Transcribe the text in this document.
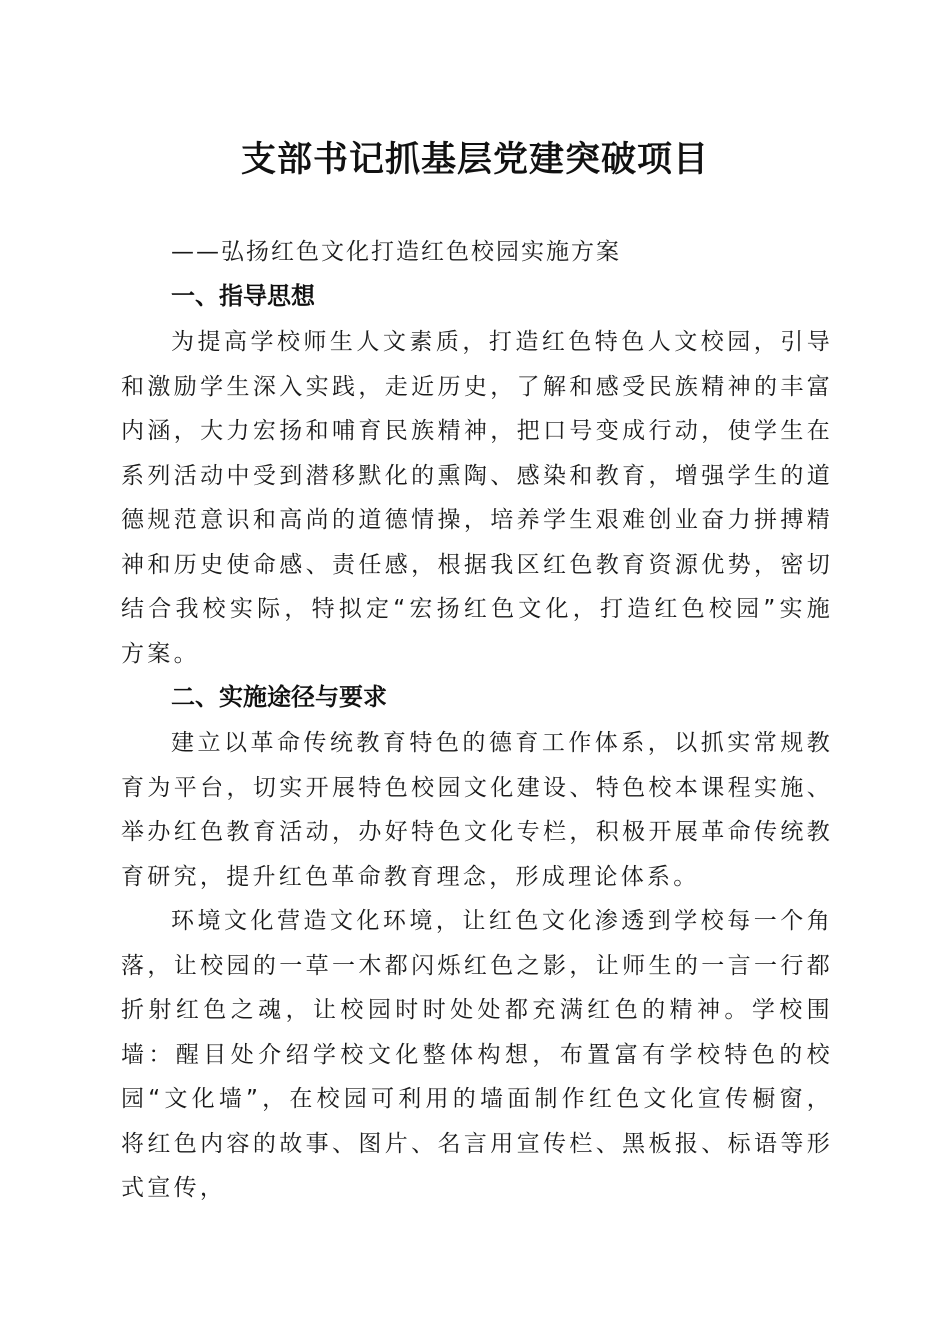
支部书记抓基层党建突破项目

——弘扬红色文化打造红色校园实施方案

一、指导思想

为提高学校师生人文素质，打造红色特色人文校园，引导和激励学生深入实践，走近历史，了解和感受民族精神的丰富内涵，大力宏扬和哺育民族精神，把口号变成行动，使学生在系列活动中受到潜移默化的熏陶、感染和教育，增强学生的道德规范意识和高尚的道德情操，培养学生艰难创业奋力拼搏精神和历史使命感、责任感，根据我区红色教育资源优势，密切结合我校实际，特拟定“宏扬红色文化，打造红色校园”实施方案。

二、实施途径与要求

建立以革命传统教育特色的德育工作体系，以抓实常规教育为平台，切实开展特色校园文化建设、特色校本课程实施、举办红色教育活动，办好特色文化专栏，积极开展革命传统教育研究，提升红色革命教育理念，形成理论体系。

环境文化营造文化环境，让红色文化渗透到学校每一个角落，让校园的一草一木都闪烁红色之影，让师生的一言一行都折射红色之魂，让校园时时处处都充满红色的精神。学校围墙：醒目处介绍学校文化整体构想，布置富有学校特色的校园“文化墙”，在校园可利用的墙面制作红色文化宣传橱窗，将红色内容的故事、图片、名言用宣传栏、黑板报、标语等形式宣传，
